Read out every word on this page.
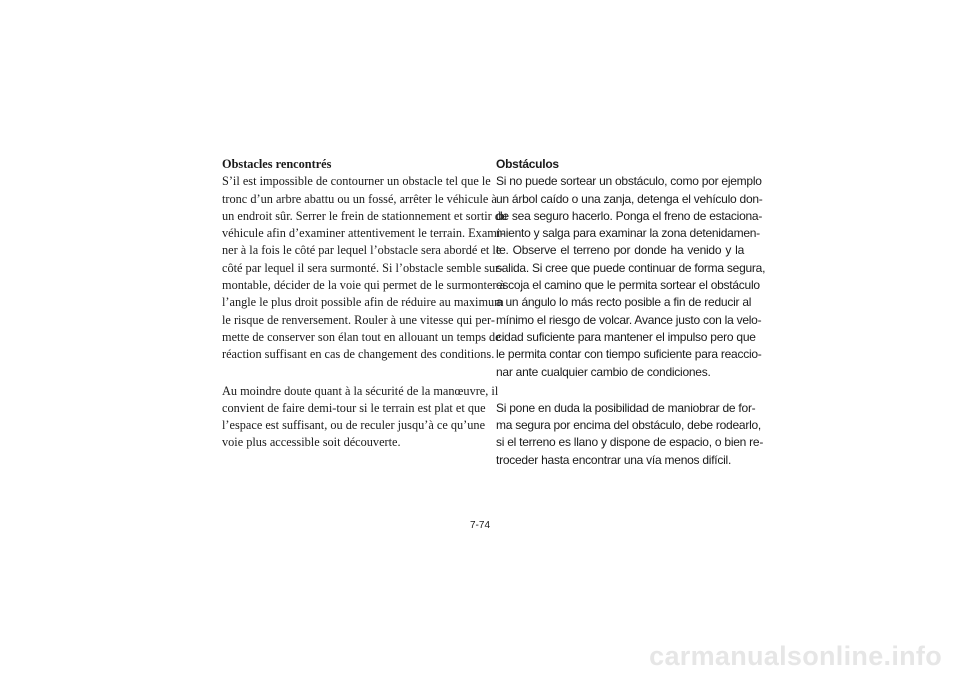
Obstacles rencontrés
S’il est impossible de contourner un obstacle tel que le
tronc d’un arbre abattu ou un fossé, arrêter le véhicule à
un endroit sûr. Serrer le frein de stationnement et sortir du
véhicule afin d’examiner attentivement le terrain. Exami-
ner à la fois le côté par lequel l’obstacle sera abordé et le
côté par lequel il sera surmonté. Si l’obstacle semble sur-
montable, décider de la voie qui permet de le surmonter à
l’angle le plus droit possible afin de réduire au maximum
le risque de renversement. Rouler à une vitesse qui per-
mette de conserver son élan tout en allouant un temps de
réaction suffisant en cas de changement des conditions.
Au moindre doute quant à la sécurité de la manœuvre, il
convient de faire demi-tour si le terrain est plat et que
l’espace est suffisant, ou de reculer jusqu’à ce qu’une
voie plus accessible soit découverte.
Obstáculos
Si no puede sortear un obstáculo, como por ejemplo
un árbol caído o una zanja, detenga el vehículo don-
de sea seguro hacerlo. Ponga el freno de estaciona-
miento y salga para examinar la zona detenidamen-
te. Observe el terreno por donde ha venido y la
salida. Si cree que puede continuar de forma segura,
escoja el camino que le permita sortear el obstáculo
a un ángulo lo más recto posible a fin de reducir al
mínimo el riesgo de volcar. Avance justo con la velo-
cidad suficiente para mantener el impulso pero que
le permita contar con tiempo suficiente para reaccio-
nar ante cualquier cambio de condiciones.
Si pone en duda la posibilidad de maniobrar de for-
ma segura por encima del obstáculo, debe rodearlo,
si el terreno es llano y dispone de espacio, o bien re-
troceder hasta encontrar una vía menos difícil.
7-74
carmanualsonline.info
